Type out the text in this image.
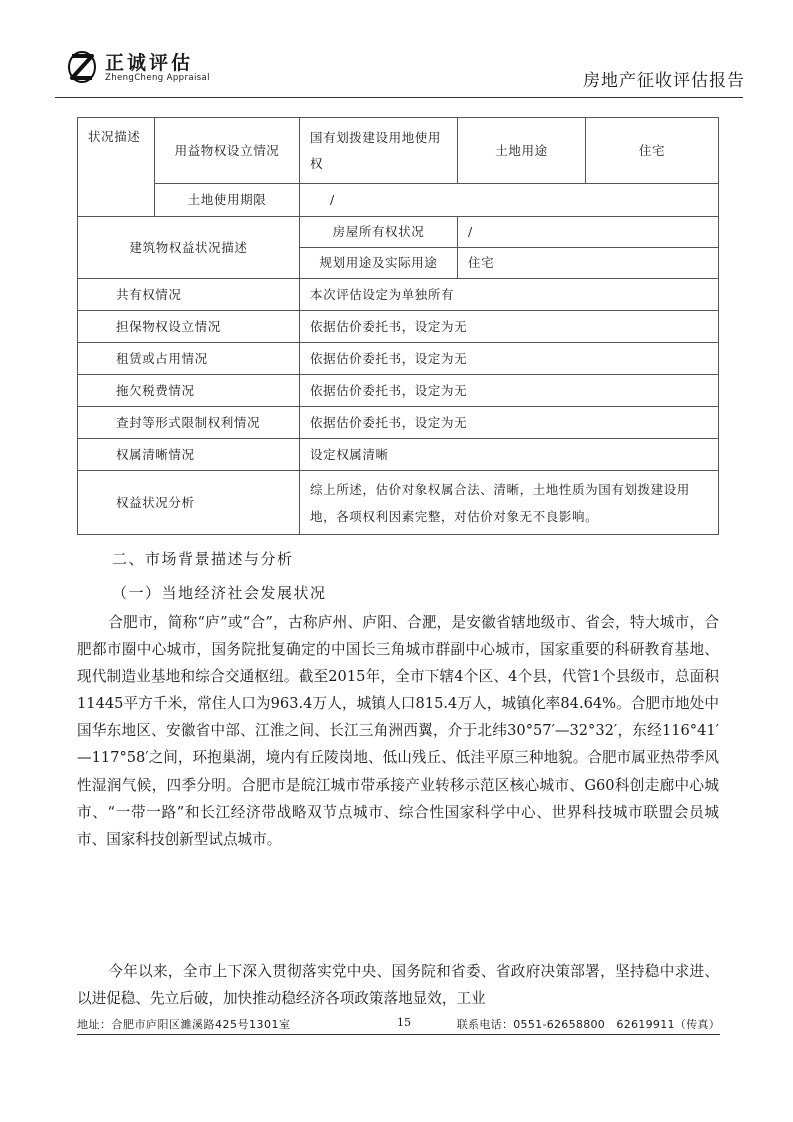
正诚评估
ZhengCheng Appraisal	房地产征收评估报告
状况描述	用益物权设立情况	国有划拨建设用地使用权	土地用途	住宅
	土地使用期限	/		
建筑物权益状况描述		房屋所有权状况	/	
		规划用途及实际用途	住宅	
共有权情况		本次评估设定为单独所有		
担保物权设立情况		依据估价委托书，设定为无		
租赁或占用情况		依据估价委托书，设定为无		
拖欠税费情况		依据估价委托书，设定为无		
查封等形式限制权利情况		依据估价委托书，设定为无		
权属清晰情况		设定权属清晰		
权益状况分析		综上所述，估价对象权属合法、清晰，土地性质为国有划拨建设用地，各项权利因素完整，对估价对象无不良影响。		
二、市场背景描述与分析
（一）当地经济社会发展状况

合肥市，简称“庐”或“合”，古称庐州、庐阳、合淝，是安徽省辖地级市、省会，特大城市，合肥都市圈中心城市，国务院批复确定的中国长三角城市群副中心城市，国家重要的科研教育基地、现代制造业基地和综合交通枢纽。截至2015年，全市下辖4个区、4个县，代管1个县级市，总面积11445平方千米，常住人口为963.4万人，城镇人口815.4万人，城镇化率84.64%。合肥市地处中国华东地区、安徽省中部、江淮之间、长江三角洲西翼，介于北纬30°57′—32°32′，东经116°41′—117°58′之间，环抱巢湖，境内有丘陵岗地、低山残丘、低洼平原三种地貌。合肥市属亚热带季风性湿润气候，四季分明。合肥市是皖江城市带承接产业转移示范区核心城市、G60科创走廊中心城市、“一带一路”和长江经济带战略双节点城市、综合性国家科学中心、世界科技城市联盟会员城市、国家科技创新型试点城市。

今年以来，全市上下深入贯彻落实党中央、国务院和省委、省政府决策部署，坚持稳中求进、以进促稳、先立后破，加快推动稳经济各项政策落地显效，工业

地址：合肥市庐阳区濉溪路425号1301室	15	联系电话：0551-62658800　62619911（传真）
